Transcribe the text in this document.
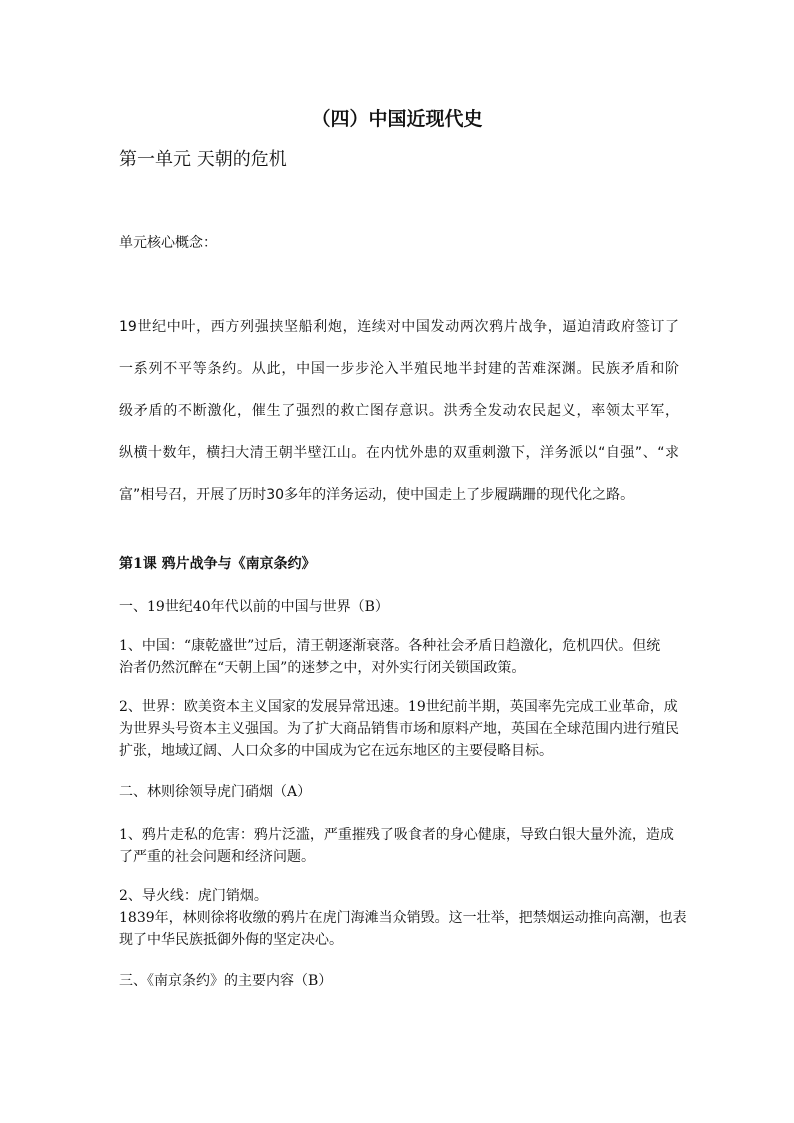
（四）中国近现代史
第一单元 天朝的危机
单元核心概念：
19世纪中叶，西方列强挟坚船利炮，连续对中国发动两次鸦片战争，逼迫清政府签订了
一系列不平等条约。从此，中国一步步沦入半殖民地半封建的苦难深渊。民族矛盾和阶
级矛盾的不断激化，催生了强烈的救亡图存意识。洪秀全发动农民起义，率领太平军，
纵横十数年，横扫大清王朝半壁江山。在内忧外患的双重刺激下，洋务派以“自强”、“求
富”相号召，开展了历时30多年的洋务运动，使中国走上了步履蹒跚的现代化之路。
第1课 鸦片战争与《南京条约》
一、19世纪40年代以前的中国与世界（B）
1、中国：“康乾盛世”过后，清王朝逐渐衰落。各种社会矛盾日趋激化，危机四伏。但统
治者仍然沉醉在“天朝上国”的迷梦之中，对外实行闭关锁国政策。
2、世界：欧美资本主义国家的发展异常迅速。19世纪前半期，英国率先完成工业革命，成
为世界头号资本主义强国。为了扩大商品销售市场和原料产地，英国在全球范围内进行殖民
扩张，地域辽阔、人口众多的中国成为它在远东地区的主要侵略目标。
二、林则徐领导虎门硝烟（A）
1、鸦片走私的危害：鸦片泛滥，严重摧残了吸食者的身心健康，导致白银大量外流，造成
了严重的社会问题和经济问题。
2、导火线：虎门销烟。
1839年，林则徐将收缴的鸦片在虎门海滩当众销毁。这一壮举，把禁烟运动推向高潮，也表
现了中华民族抵御外侮的坚定决心。
三、《南京条约》的主要内容（B）
